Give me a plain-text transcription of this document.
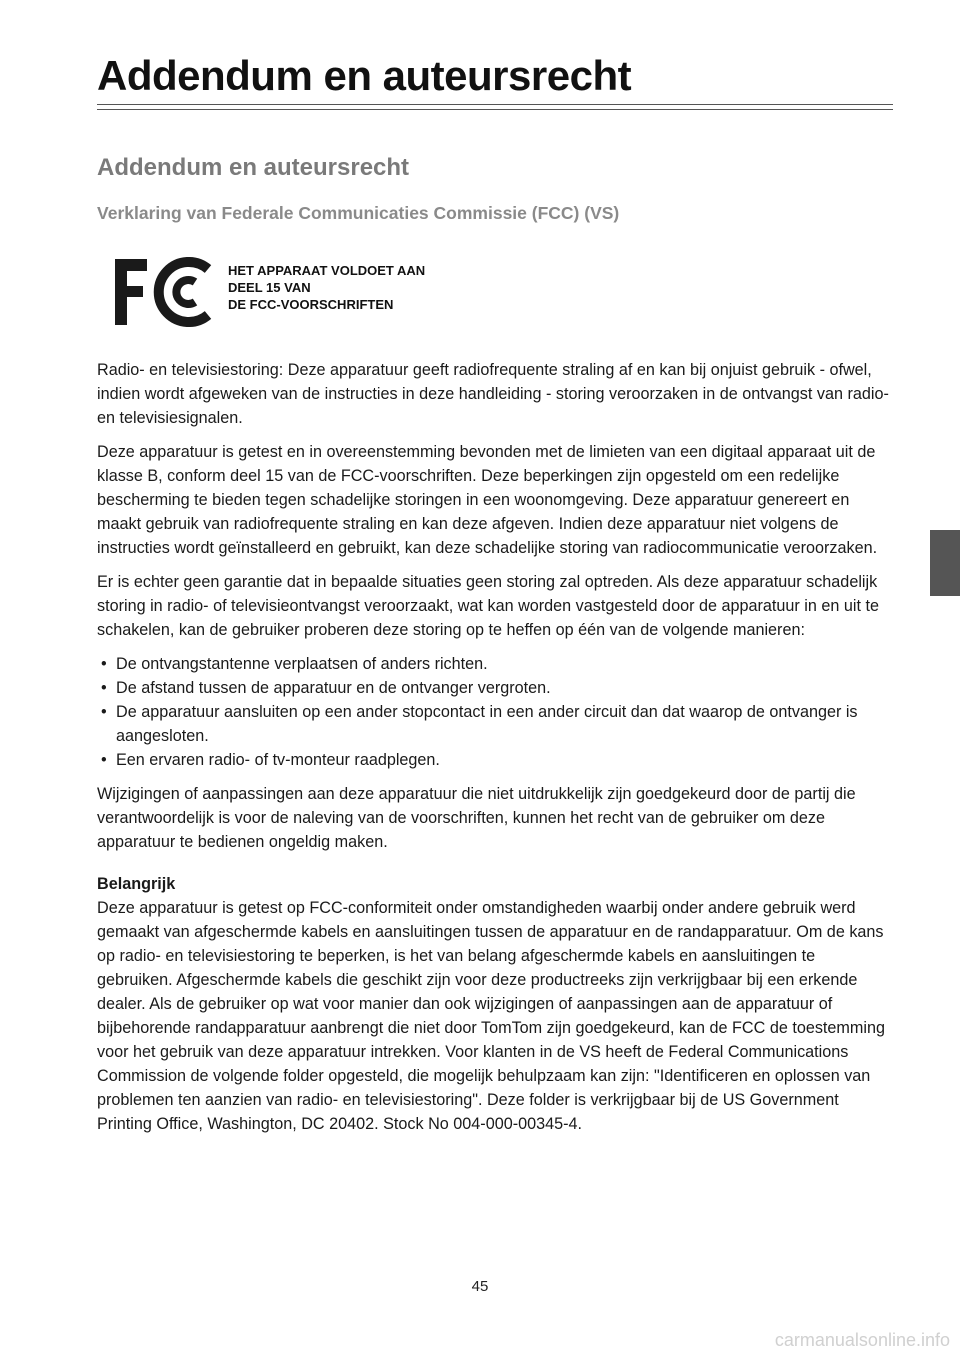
Addendum en auteursrecht
Addendum en auteursrecht
Verklaring van Federale Communicaties Commissie (FCC) (VS)
HET APPARAAT VOLDOET AAN
DEEL 15 VAN
DE FCC-VOORSCHRIFTEN

Radio- en televisiestoring: Deze apparatuur geeft radiofrequente straling af en kan bij onjuist gebruik - ofwel, indien wordt afgeweken van de instructies in deze handleiding - storing veroorzaken in de ontvangst van radio-en televisiesignalen.

Deze apparatuur is getest en in overeenstemming bevonden met de limieten van een digitaal apparaat uit de klasse B, conform deel 15 van de FCC-voorschriften. Deze beperkingen zijn opgesteld om een redelijke bescherming te bieden tegen schadelijke storingen in een woonomgeving. Deze apparatuur genereert en maakt gebruik van radiofrequente straling en kan deze afgeven. Indien deze apparatuur niet volgens de instructies wordt geïnstalleerd en gebruikt, kan deze schadelijke storing van radiocommunicatie veroorzaken.

Er is echter geen garantie dat in bepaalde situaties geen storing zal optreden. Als deze apparatuur schadelijk storing in radio- of televisieontvangst veroorzaakt, wat kan worden vastgesteld door de apparatuur in en uit te schakelen, kan de gebruiker proberen deze storing op te heffen op één van de volgende manieren:

• De ontvangstantenne verplaatsen of anders richten.
• De afstand tussen de apparatuur en de ontvanger vergroten.
• De apparatuur aansluiten op een ander stopcontact in een ander circuit dan dat waarop de ontvanger is aangesloten.
• Een ervaren radio- of tv-monteur raadplegen.

Wijzigingen of aanpassingen aan deze apparatuur die niet uitdrukkelijk zijn goedgekeurd door de partij die verantwoordelijk is voor de naleving van de voorschriften, kunnen het recht van de gebruiker om deze apparatuur te bedienen ongeldig maken.

Belangrijk

Deze apparatuur is getest op FCC-conformiteit onder omstandigheden waarbij onder andere gebruik werd gemaakt van afgeschermde kabels en aansluitingen tussen de apparatuur en de randapparatuur. Om de kans op radio- en televisiestoring te beperken, is het van belang afgeschermde kabels en aansluitingen te gebruiken. Afgeschermde kabels die geschikt zijn voor deze productreeks zijn verkrijgbaar bij een erkende dealer. Als de gebruiker op wat voor manier dan ook wijzigingen of aanpassingen aan de apparatuur of bijbehorende randapparatuur aanbrengt die niet door TomTom zijn goedgekeurd, kan de FCC de toestemming voor het gebruik van deze apparatuur intrekken. Voor klanten in de VS heeft de Federal Communications Commission de volgende folder opgesteld, die mogelijk behulpzaam kan zijn: "Identificeren en oplossen van problemen ten aanzien van radio- en televisiestoring". Deze folder is verkrijgbaar bij de US Government Printing Office, Washington, DC 20402. Stock No 004-000-00345-4.

45
carmanualsonline.info
